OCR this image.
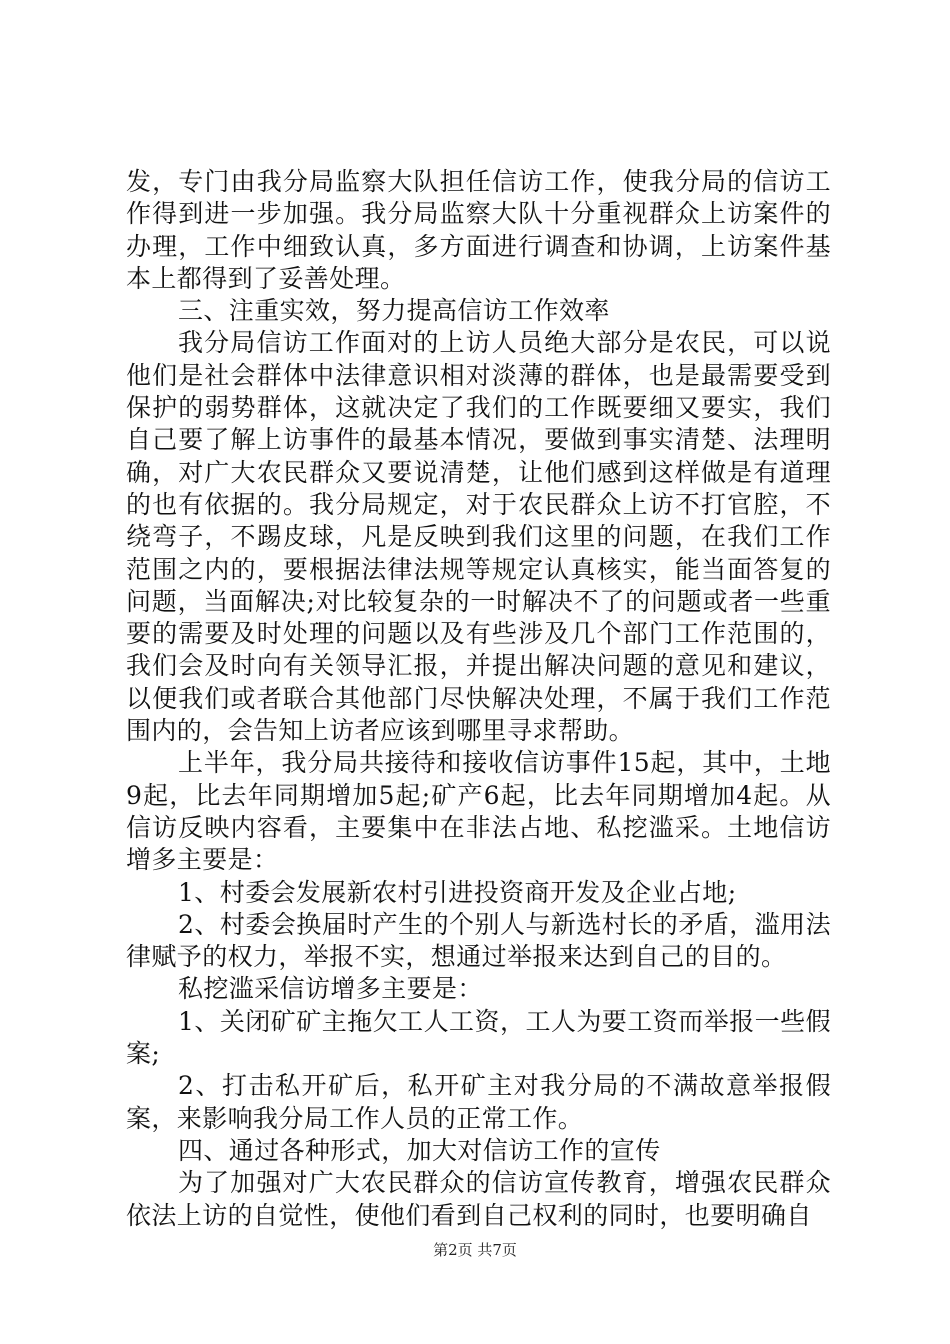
发，专门由我分局监察大队担任信访工作，使我分局的信访工作得到进一步加强。我分局监察大队十分重视群众上访案件的办理，工作中细致认真，多方面进行调查和协调，上访案件基本上都得到了妥善处理。

三、注重实效，努力提高信访工作效率

我分局信访工作面对的上访人员绝大部分是农民，可以说他们是社会群体中法律意识相对淡薄的群体，也是最需要受到保护的弱势群体，这就决定了我们的工作既要细又要实，我们自己要了解上访事件的最基本情况，要做到事实清楚、法理明确，对广大农民群众又要说清楚，让他们感到这样做是有道理的也有依据的。我分局规定，对于农民群众上访不打官腔，不绕弯子，不踢皮球，凡是反映到我们这里的问题，在我们工作范围之内的，要根据法律法规等规定认真核实，能当面答复的问题，当面解决;对比较复杂的一时解决不了的问题或者一些重要的需要及时处理的问题以及有些涉及几个部门工作范围的，我们会及时向有关领导汇报，并提出解决问题的意见和建议，以便我们或者联合其他部门尽快解决处理，不属于我们工作范围内的，会告知上访者应该到哪里寻求帮助。

上半年，我分局共接待和接收信访事件15起，其中，土地9起，比去年同期增加5起;矿产6起，比去年同期增加4起。从信访反映内容看，主要集中在非法占地、私挖滥采。土地信访增多主要是：

1、村委会发展新农村引进投资商开发及企业占地;

2、村委会换届时产生的个别人与新选村长的矛盾，滥用法律赋予的权力，举报不实，想通过举报来达到自己的目的。

私挖滥采信访增多主要是：

1、关闭矿矿主拖欠工人工资，工人为要工资而举报一些假案;

2、打击私开矿后，私开矿主对我分局的不满故意举报假案，来影响我分局工作人员的正常工作。

四、通过各种形式，加大对信访工作的宣传

为了加强对广大农民群众的信访宣传教育，增强农民群众依法上访的自觉性，使他们看到自己权利的同时，也要明确自

第2页 共7页
